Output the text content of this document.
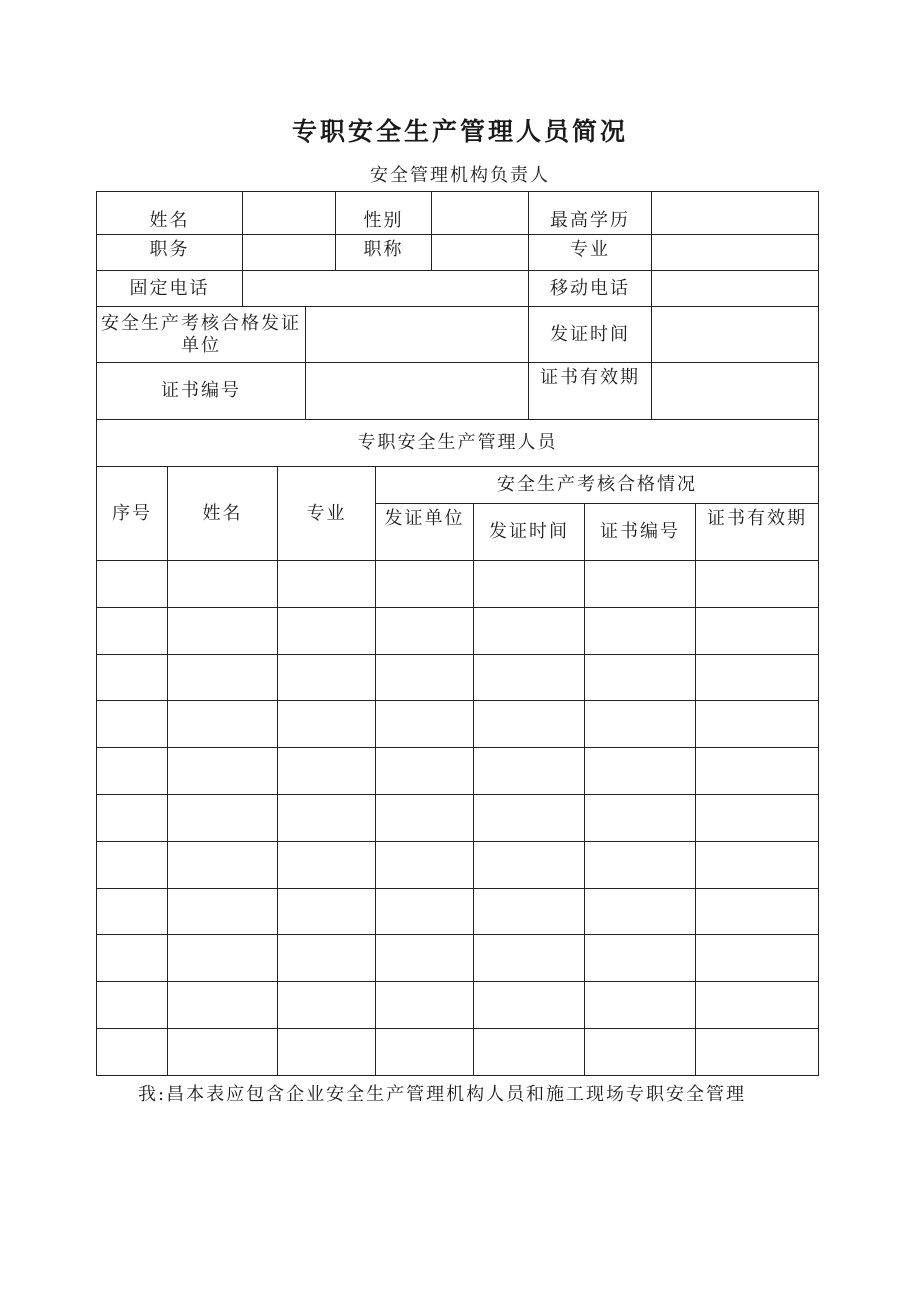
专职安全生产管理人员简况
安全管理机构负责人
姓名			性别		最高学历	
职务			职称		专业	
固定电话					移动电话	
安全生产考核合格发证单位					发证时间	
证书编号					证书有效期	
专职安全生产管理人员						
序号	姓名	专业	安全生产考核合格情况			
			发证单位	发证时间	证书编号	证书有效期

我:昌本表应包含企业安全生产管理机构人员和施工现场专职安全管理
